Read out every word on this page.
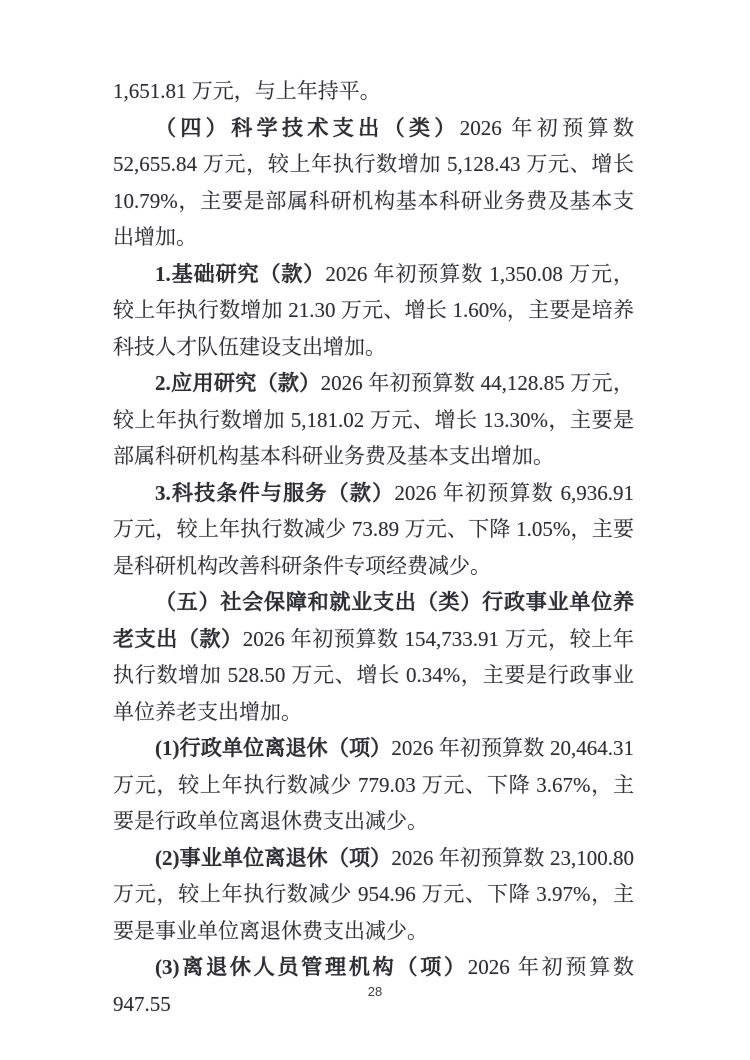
1,651.81 万元，与上年持平。

（四）科学技术支出（类）2026 年初预算数 52,655.84 万元，较上年执行数增加 5,128.43 万元、增长 10.79%，主要是部属科研机构基本科研业务费及基本支出增加。

1.基础研究（款）2026 年初预算数 1,350.08 万元，较上年执行数增加 21.30 万元、增长 1.60%，主要是培养科技人才队伍建设支出增加。

2.应用研究（款）2026 年初预算数 44,128.85 万元，较上年执行数增加 5,181.02 万元、增长 13.30%，主要是部属科研机构基本科研业务费及基本支出增加。

3.科技条件与服务（款）2026 年初预算数 6,936.91 万元，较上年执行数减少 73.89 万元、下降 1.05%，主要是科研机构改善科研条件专项经费减少。

（五）社会保障和就业支出（类）行政事业单位养老支出（款）2026 年初预算数 154,733.91 万元，较上年执行数增加 528.50 万元、增长 0.34%，主要是行政事业单位养老支出增加。

(1)行政单位离退休（项）2026 年初预算数 20,464.31 万元，较上年执行数减少 779.03 万元、下降 3.67%，主要是行政单位离退休费支出减少。

(2)事业单位离退休（项）2026 年初预算数 23,100.80 万元，较上年执行数减少 954.96 万元、下降 3.97%，主要是事业单位离退休费支出减少。

(3)离退休人员管理机构（项）2026 年初预算数 947.55	28
